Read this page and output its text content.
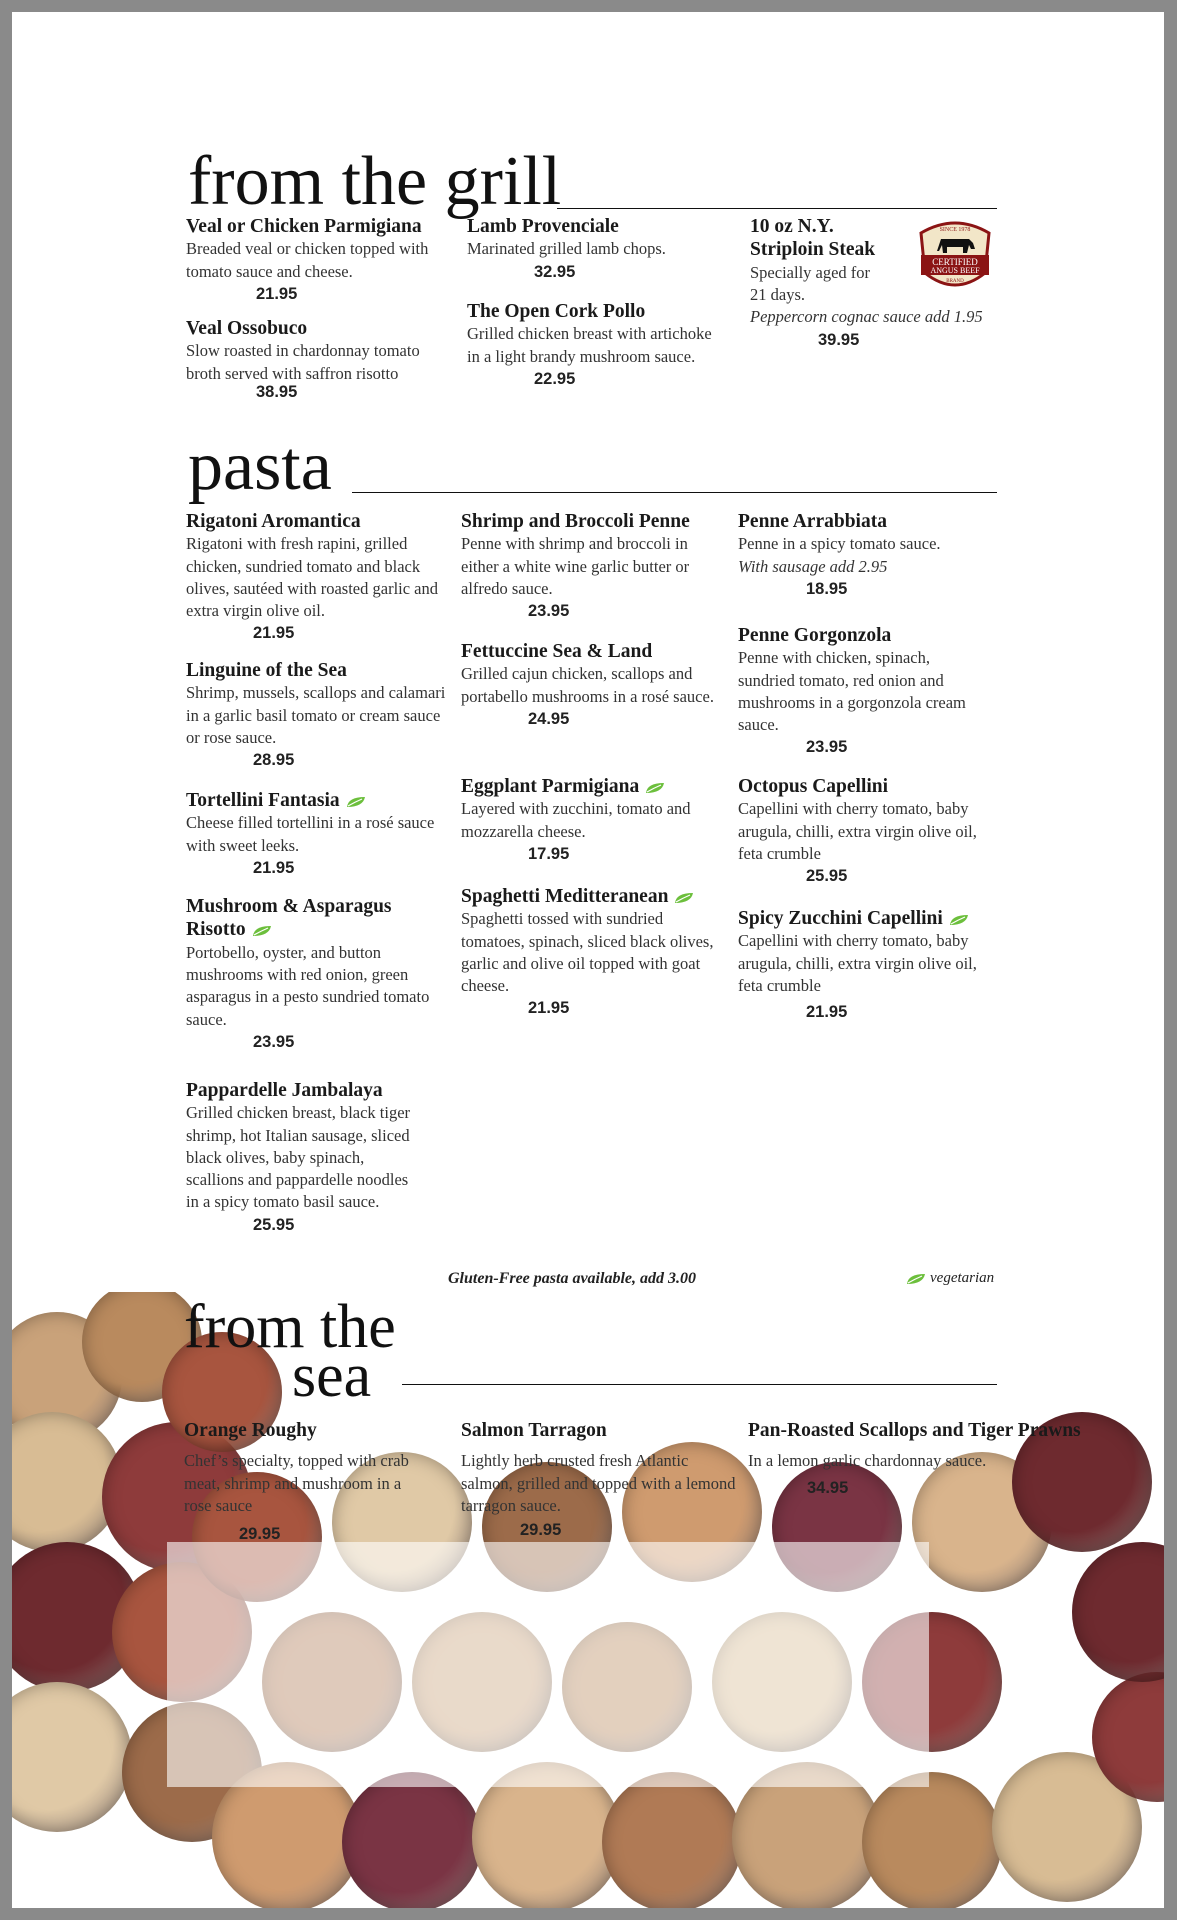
from the grill
Veal or Chicken Parmigiana
Breaded veal or chicken topped with tomato sauce and cheese.
21.95
Veal Ossobuco
Slow roasted in chardonnay tomato broth served with saffron risotto
38.95
Lamb Provenciale
Marinated grilled lamb chops.
32.95
The Open Cork Pollo
Grilled chicken breast with artichoke in a light brandy mushroom sauce.
22.95
10 oz N.Y.
Striploin Steak
Specially aged for 21 days.
Peppercorn cognac sauce add 1.95
39.95
SINCE 1978
CERTIFIED
ANGUS BEEF
BRAND
pasta
Rigatoni Aromantica
Rigatoni with fresh rapini, grilled chicken, sundried tomato and black olives, sautéed with roasted garlic and extra virgin olive oil.
21.95
Linguine of the Sea
Shrimp, mussels, scallops and calamari in a garlic basil tomato or cream sauce or rose sauce.
28.95
Tortellini Fantasia
Cheese filled tortellini in a rosé sauce with sweet leeks.
21.95
Mushroom & Asparagus
Risotto
Portobello, oyster, and button mushrooms with red onion, green asparagus in a pesto sundried tomato sauce.
23.95
Pappardelle Jambalaya
Grilled chicken breast, black tiger shrimp, hot Italian sausage, sliced black olives, baby spinach, scallions and pappardelle noodles in a spicy tomato basil sauce.
25.95
Shrimp and Broccoli Penne
Penne with shrimp and broccoli in either a white wine garlic butter or alfredo sauce.
23.95
Fettuccine Sea & Land
Grilled cajun chicken, scallops and portabello mushrooms in a rosé sauce.
24.95
Eggplant Parmigiana
Layered with zucchini, tomato and mozzarella cheese.
17.95
Spaghetti Meditteranean
Spaghetti tossed with sundried tomatoes, spinach, sliced black olives, garlic and olive oil topped with goat cheese.
21.95
Penne Arrabbiata
Penne in a spicy tomato sauce.
With sausage add 2.95
18.95
Penne Gorgonzola
Penne with chicken, spinach, sundried tomato, red onion and mushrooms in a gorgonzola cream sauce.
23.95
Octopus Capellini
Capellini with cherry tomato, baby arugula, chilli, extra virgin olive oil, feta crumble
25.95
Spicy Zucchini Capellini
Capellini with cherry tomato, baby arugula, chilli, extra virgin olive oil, feta crumble
21.95
Gluten-Free pasta available, add 3.00	vegetarian
from the
sea
Orange Roughy
Chef’s specialty, topped with crab meat, shrimp and mushroom in a rose sauce
29.95
Salmon Tarragon
Lightly herb crusted fresh Atlantic salmon, grilled and topped with a lemond tarragon sauce.
29.95
Pan-Roasted Scallops and Tiger Prawns
In a lemon garlic chardonnay sauce.
34.95
